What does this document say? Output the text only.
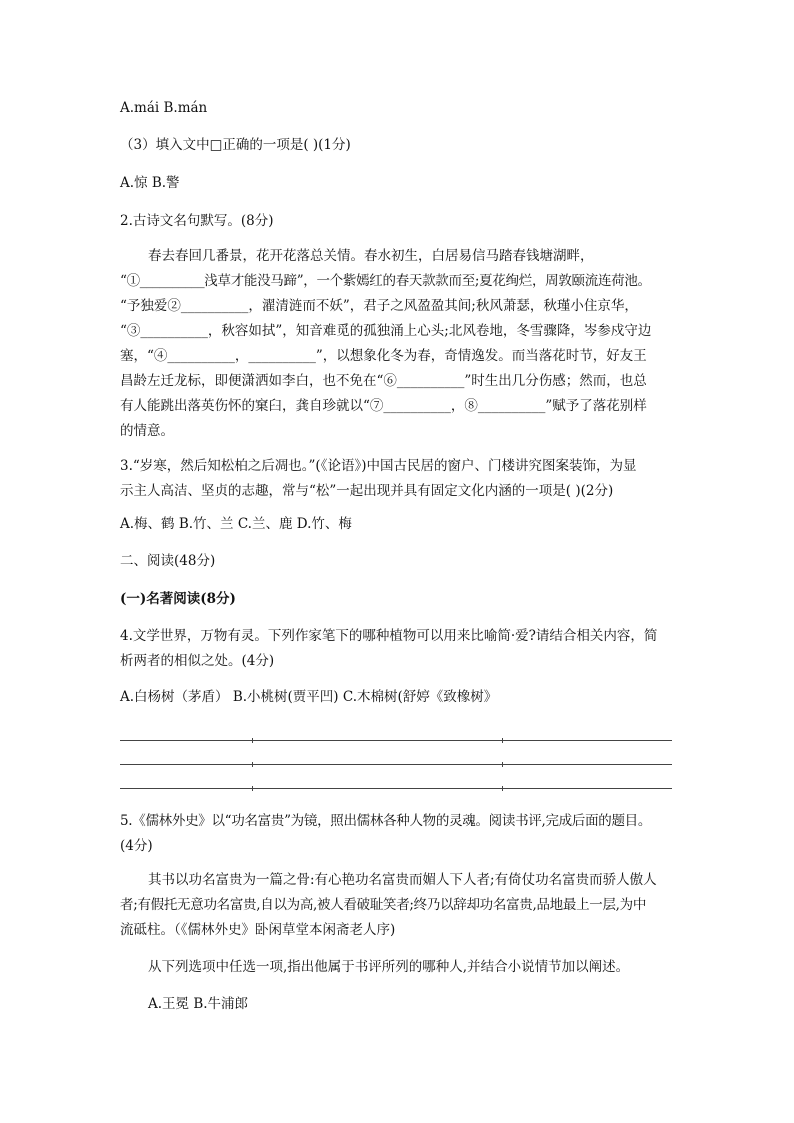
A.mái B.mán
（3）填入文中□正确的一项是( )(1分)
A.惊 B.警
2.古诗文名句默写。(8分)
春去春回几番景，花开花落总关情。春水初生，白居易信马踏春钱塘湖畔，
“①__________浅草才能没马蹄”，一个紫嫣红的春天款款而至;夏花绚烂，周敦颐流连荷池。
“予独爱②__________，濯清涟而不妖”，君子之风盈盈其间;秋风萧瑟，秋瑾小住京华，
“③__________，秋容如拭”，知音难觅的孤独涌上心头;北风卷地，冬雪骤降，岑参戍守边
塞，“④__________，__________”，以想象化冬为春，奇情逸发。而当落花时节，好友王
昌龄左迁龙标，即便潇洒如李白，也不免在“⑥__________”时生出几分伤感；然而，也总
有人能跳出落英伤怀的窠臼，龚自珍就以“⑦__________，⑧__________”赋予了落花别样
的情意。
3.“岁寒，然后知松柏之后凋也。”(《论语》)中国古民居的窗户、门楼讲究图案装饰，为显
示主人高洁、坚贞的志趣，常与“松”一起出现并具有固定文化内涵的一项是( )(2分)
A.梅、鹤 B.竹、兰 C.兰、鹿 D.竹、梅
二、阅读(48分)
(一)名著阅读(8分)
4.文学世界，万物有灵。下列作家笔下的哪种植物可以用来比喻简·爱?请结合相关内容，简
析两者的相似之处。(4分)
A.白杨树（茅盾） B.小桃树(贾平凹) C.木棉树(舒婷《致橡树》
5.《儒林外史》以“功名富贵”为镜，照出儒林各种人物的灵魂。阅读书评,完成后面的题目。
(4分)
其书以功名富贵为一篇之骨:有心艳功名富贵而媚人下人者;有倚仗功名富贵而骄人傲人
者;有假托无意功名富贵,自以为高,被人看破耻笑者;终乃以辞却功名富贵,品地最上一层,为中
流砥柱。（《儒林外史》卧闲草堂本闲斋老人序)
从下列选项中任选一项,指出他属于书评所列的哪种人,并结合小说情节加以阐述。
A.王冕 B.牛浦郎
